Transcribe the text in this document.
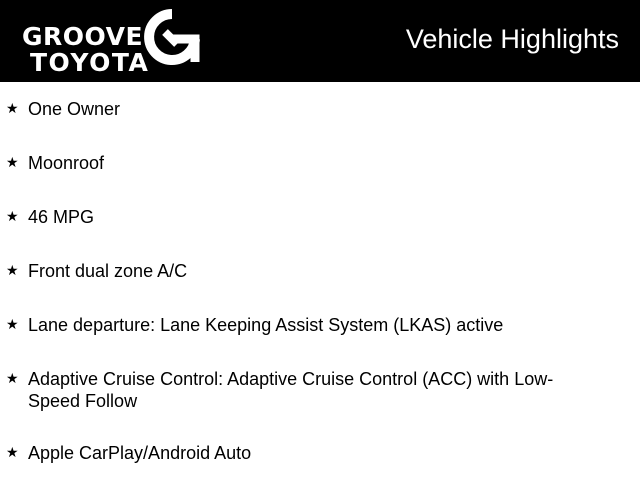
GROOVE
TOYOTA
Vehicle Highlights
★ One Owner
★ Moonroof
★ 46 MPG
★ Front dual zone A/C
★ Lane departure: Lane Keeping Assist System (LKAS) active
★ Adaptive Cruise Control: Adaptive Cruise Control (ACC) with Low-Speed Follow
★ Apple CarPlay/Android Auto
